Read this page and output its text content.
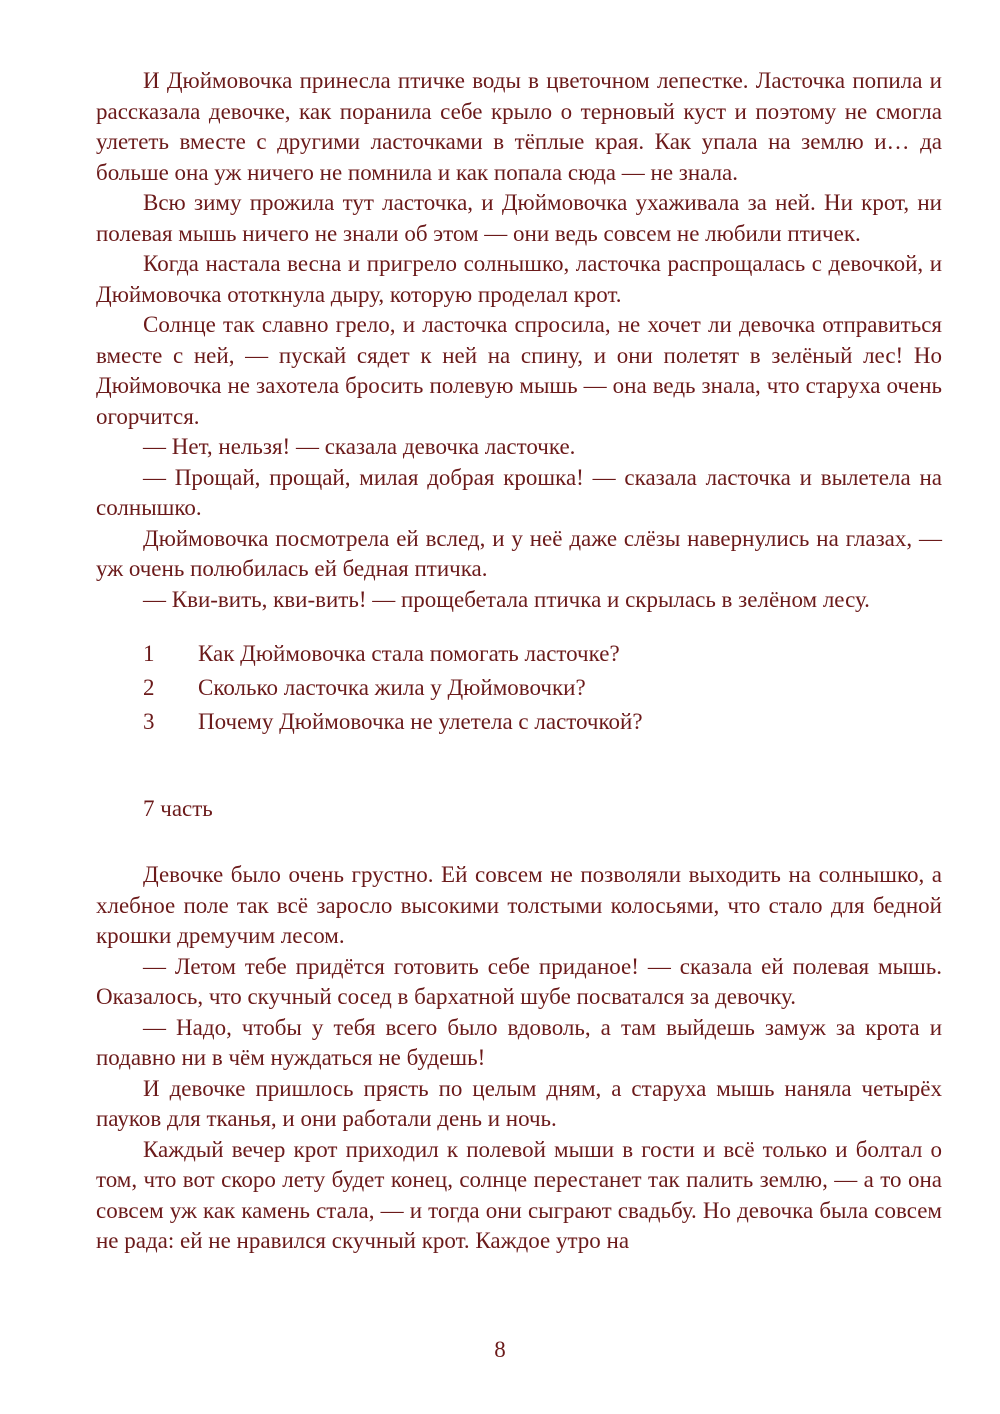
И Дюймовочка принесла птичке воды в цветочном лепестке. Ласточка попила и рассказала девочке, как поранила себе крыло о терновый куст и поэтому не смогла улететь вместе с другими ласточками в тёплые края. Как упала на землю и… да больше она уж ничего не помнила и как попала сюда — не знала.

Всю зиму прожила тут ласточка, и Дюймовочка ухаживала за ней. Ни крот, ни полевая мышь ничего не знали об этом — они ведь совсем не любили птичек.

Когда настала весна и пригрело солнышко, ласточка распрощалась с девочкой, и Дюймовочка ототкнула дыру, которую проделал крот.

Солнце так славно грело, и ласточка спросила, не хочет ли девочка отправиться вместе с ней, — пускай сядет к ней на спину, и они полетят в зелёный лес! Но Дюймовочка не захотела бросить полевую мышь — она ведь знала, что старуха очень огорчится.

— Нет, нельзя! — сказала девочка ласточке.

— Прощай, прощай, милая добрая крошка! — сказала ласточка и вылетела на солнышко.

Дюймовочка посмотрела ей вслед, и у неё даже слёзы навернулись на глазах, — уж очень полюбилась ей бедная птичка.

— Кви-вить, кви-вить! — прощебетала птичка и скрылась в зелёном лесу.

1	Как Дюймовочка стала помогать ласточке?
2	Сколько ласточка жила у Дюймовочки?
3	Почему Дюймовочка не улетела с ласточкой?
7 часть

Девочке было очень грустно. Ей совсем не позволяли выходить на солнышко, а хлебное поле так всё заросло высокими толстыми колосьями, что стало для бедной крошки дремучим лесом.

— Летом тебе придётся готовить себе приданое! — сказала ей полевая мышь. Оказалось, что скучный сосед в бархатной шубе посватался за девочку.

— Надо, чтобы у тебя всего было вдоволь, а там выйдешь замуж за крота и подавно ни в чём нуждаться не будешь!

И девочке пришлось прясть по целым дням, а старуха мышь наняла четырёх пауков для тканья, и они работали день и ночь.

Каждый вечер крот приходил к полевой мыши в гости и всё только и болтал о том, что вот скоро лету будет конец, солнце перестанет так палить землю, — а то она совсем уж как камень стала, — и тогда они сыграют свадьбу. Но девочка была совсем не рада: ей не нравился скучный крот. Каждое утро на

8
